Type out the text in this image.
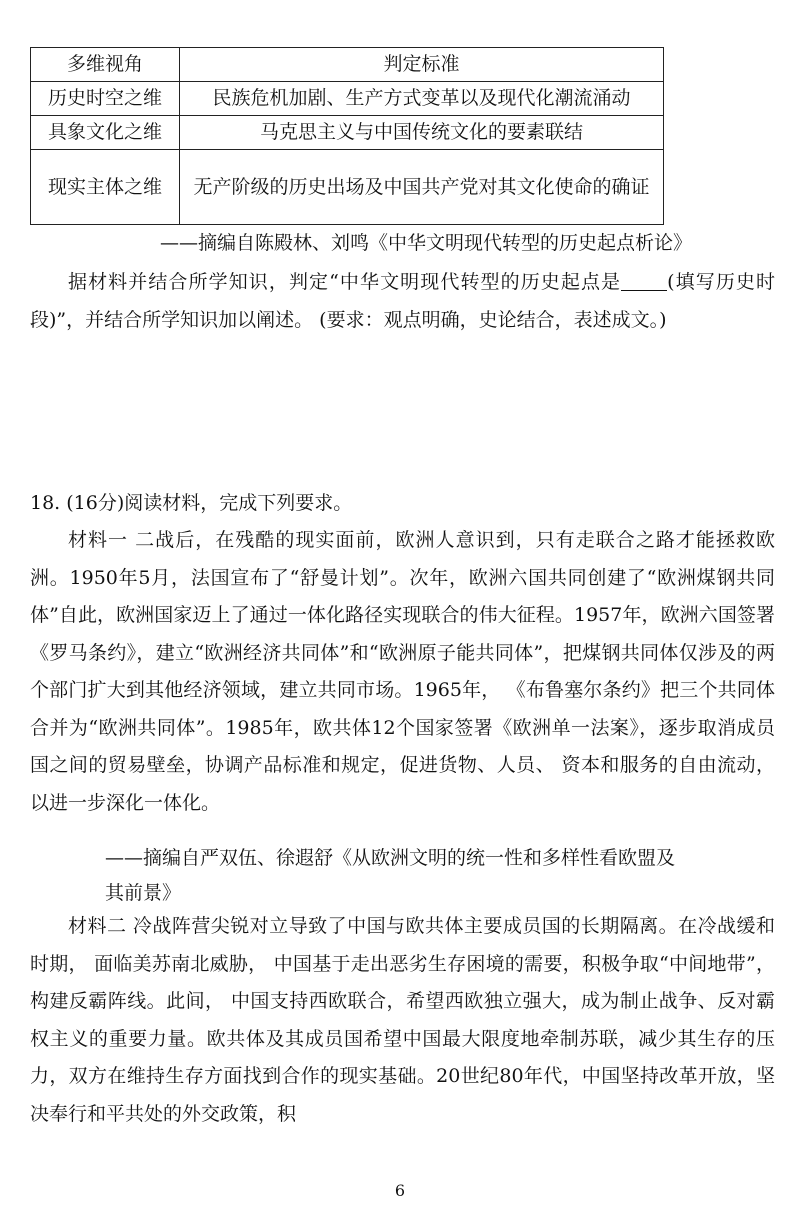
多维视角	判定标准
历史时空之维	民族危机加剧、生产方式变革以及现代化潮流涌动
具象文化之维	马克思主义与中国传统文化的要素联结
现实主体之维	无产阶级的历史出场及中国共产党对其文化使命的确证
——摘编自陈殿林、刘鸣《中华文明现代转型的历史起点析论》
据材料并结合所学知识，判定“中华文明现代转型的历史起点是 (填写历史时段)”，并结合所学知识加以阐述。 (要求：观点明确，史论结合，表述成文。)
18. (16分)阅读材料，完成下列要求。
材料一 二战后，在残酷的现实面前，欧洲人意识到，只有走联合之路才能拯救欧洲。1950年5月，法国宣布了“舒曼计划”。次年，欧洲六国共同创建了“欧洲煤钢共同体”自此，欧洲国家迈上了通过一体化路径实现联合的伟大征程。1957年，欧洲六国签署《罗马条约》，建立“欧洲经济共同体”和“欧洲原子能共同体”，把煤钢共同体仅涉及的两个部门扩大到其他经济领域，建立共同市场。1965年， 《布鲁塞尔条约》把三个共同体合并为“欧洲共同体”。1985年，欧共体12个国家签署《欧洲单一法案》，逐步取消成员国之间的贸易壁垒，协调产品标准和规定，促进货物、人员、 资本和服务的自由流动， 以进一步深化一体化。
——摘编自严双伍、徐遐舒《从欧洲文明的统一性和多样性看欧盟及
其前景》
材料二 冷战阵营尖锐对立导致了中国与欧共体主要成员国的长期隔离。在冷战缓和时期， 面临美苏南北威胁， 中国基于走出恶劣生存困境的需要，积极争取“中间地带”，构建反霸阵线。此间， 中国支持西欧联合，希望西欧独立强大，成为制止战争、反对霸权主义的重要力量。欧共体及其成员国希望中国最大限度地牵制苏联，减少其生存的压力，双方在维持生存方面找到合作的现实基础。20世纪80年代，中国坚持改革开放，坚决奉行和平共处的外交政策，积
6
